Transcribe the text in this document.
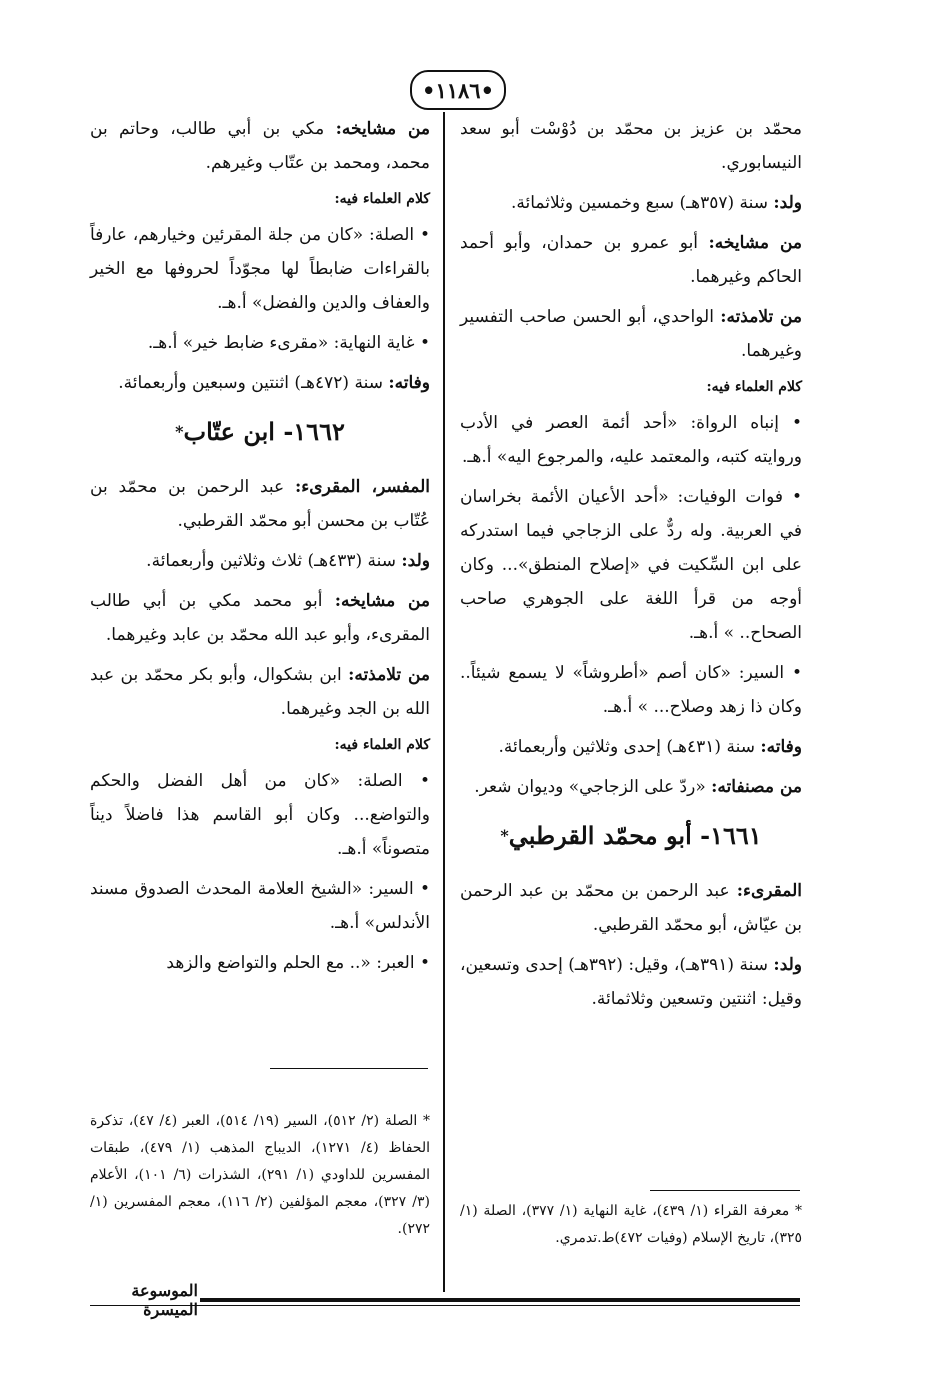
•١١٨٦•

محمّد بن عزيز بن محمّد بن دُوْسْت أبو سعد النيسابوري.

ولد: سنة (٣٥٧هـ) سبع وخمسين وثلاثمائة.

من مشايخه: أبو عمرو بن حمدان، وأبو أحمد الحاكم وغيرهما.

من تلامذته: الواحدي، أبو الحسن صاحب التفسير وغيرهما.

كلام العلماء فيه:

• إنباه الرواة: «أحد أئمة العصر في الأدب وروايته كتبه، والمعتمد عليه، والمرجوع اليه» أ.هـ.

• فوات الوفيات: «أحد الأعيان الأئمة بخراسان في العربية. وله ردٌّ على الزجاجي فيما استدركه على ابن السِّكيت في «إصلاح المنطق»... وكان أوجه من قرأ اللغة على الجوهري صاحب الصحاح.. » أ.هـ.

• السير: «كان أصم «أطروشاً» لا يسمع شيئاً.. وكان ذا زهد وصلاح... » أ.هـ.

وفاته: سنة (٤٣١هـ) إحدى وثلاثين وأربعمائة.

من مصنفاته: «ردّ على الزجاجي» وديوان شعر.

١٦٦١- أبو محمّد القرطبي*

المقرىء: عبد الرحمن بن محمّد بن عبد الرحمن بن عيّاش، أبو محمّد القرطبي.

ولد: سنة (٣٩١هـ)، وقيل: (٣٩٢هـ) إحدى وتسعين، وقيل: اثنتين وتسعين وثلاثمائة.

من مشايخه: مكي بن أبي طالب، وحاتم بن محمد، ومحمد بن عتّاب وغيرهم.

كلام العلماء فيه:

• الصلة: «كان من جلة المقرئين وخيارهم، عارفاً بالقراءات ضابطاً لها مجوّداً لحروفها مع الخير والعفاف والدين والفضل» أ.هـ.

• غاية النهاية: «مقرىء ضابط خير» أ.هـ.

وفاته: سنة (٤٧٢هـ) اثنتين وسبعين وأربعمائة.

١٦٦٢- ابن عتّاب*

المفسر، المقرىء: عبد الرحمن بن محمّد بن عُتّاب بن محسن أبو محمّد القرطبي.

ولد: سنة (٤٣٣هـ) ثلاث وثلاثين وأربعمائة.

من مشايخه: أبو محمد مكي بن أبي طالب المقرىء، وأبو عبد الله محمّد بن عابد وغيرهما.

من تلامذته: ابن بشكوال، وأبو بكر محمّد بن عبد الله بن الجد وغيرهما.

كلام العلماء فيه:

• الصلة: «كان من أهل الفضل والحكم والتواضع... وكان أبو القاسم هذا فاضلاً ديناً متصوناً» أ.هـ.

• السير: «الشيخ العلامة المحدث الصدوق مسند الأندلس» أ.هـ.

• العبر: «.. مع الحلم والتواضع والزهد

* الصلة (٢/ ٥١٢)، السير (١٩/ ٥١٤)، العبر (٤/ ٤٧)، تذكرة الحفاظ (٤/ ١٢٧١)، الديباج المذهب (١/ ٤٧٩)، طبقات المفسرين للداودي (١/ ٢٩١)، الشذرات (٦/ ١٠١)، الأعلام (٣/ ٣٢٧)، معجم المؤلفين (٢/ ١١٦)، معجم المفسرين (١/ ٢٧٢).
* معرفة القراء (١/ ٤٣٩)، غاية النهاية (١/ ٣٧٧)، الصلة (١/ ٣٢٥)، تاريخ الإسلام (وفيات ٤٧٢)ط.تدمري.
الموسوعة الميسرة
